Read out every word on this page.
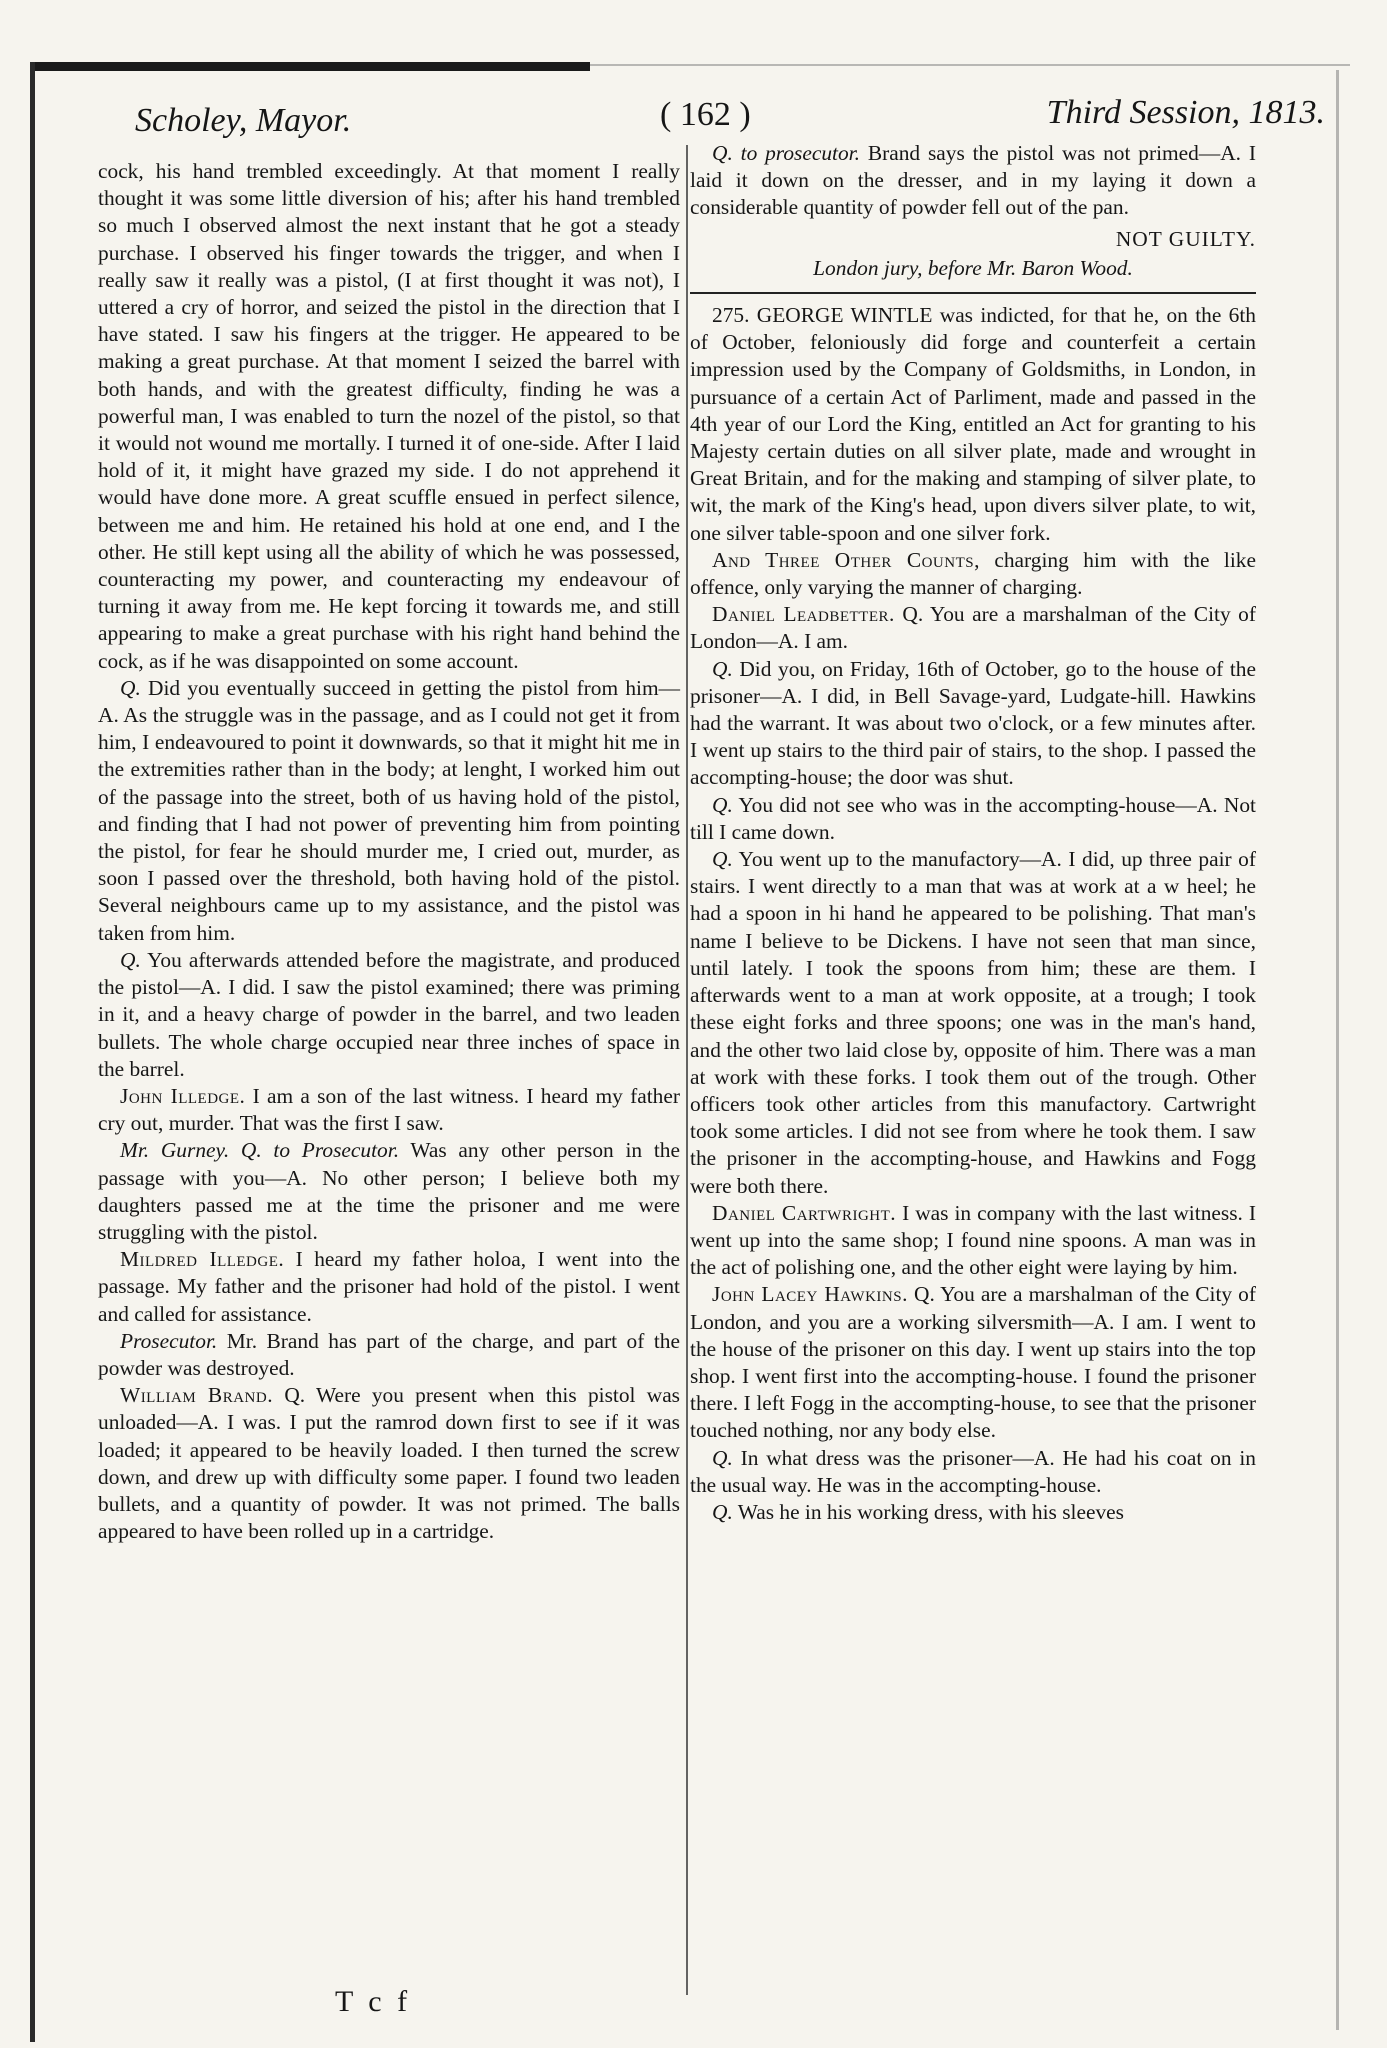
Scholey, Mayor.	( 162 )	Third Session, 1813.

cock, his hand trembled exceedingly. At that moment I really thought it was some little diversion of his; after his hand trembled so much I observed almost the next instant that he got a steady purchase. I observed his finger towards the trigger, and when I really saw it really was a pistol, (I at first thought it was not), I uttered a cry of horror, and seized the pistol in the direction that I have stated. I saw his fingers at the trigger. He appeared to be making a great purchase. At that moment I seized the barrel with both hands, and with the greatest difficulty, finding he was a powerful man, I was enabled to turn the nozel of the pistol, so that it would not wound me mortally. I turned it of one-side. After I laid hold of it, it might have grazed my side. I do not apprehend it would have done more. A great scuffle ensued in perfect silence, between me and him. He retained his hold at one end, and I the other. He still kept using all the ability of which he was possessed, counteracting my power, and counteracting my endeavour of turning it away from me. He kept forcing it towards me, and still appearing to make a great purchase with his right hand behind the cock, as if he was disappointed on some account.

Q. Did you eventually succeed in getting the pistol from him—A. As the struggle was in the passage, and as I could not get it from him, I endeavoured to point it downwards, so that it might hit me in the extremities rather than in the body; at lenght, I worked him out of the passage into the street, both of us having hold of the pistol, and finding that I had not power of preventing him from pointing the pistol, for fear he should murder me, I cried out, murder, as soon I passed over the threshold, both having hold of the pistol. Several neighbours came up to my assistance, and the pistol was taken from him.

Q. You afterwards attended before the magistrate, and produced the pistol—A. I did. I saw the pistol examined; there was priming in it, and a heavy charge of powder in the barrel, and two leaden bullets. The whole charge occupied near three inches of space in the barrel.

John Illedge. I am a son of the last witness. I heard my father cry out, murder. That was the first I saw.

Mr. Gurney. Q. to Prosecutor. Was any other person in the passage with you—A. No other person; I believe both my daughters passed me at the time the prisoner and me were struggling with the pistol.

Mildred Illedge. I heard my father holoa, I went into the passage. My father and the prisoner had hold of the pistol. I went and called for assistance.

Prosecutor. Mr. Brand has part of the charge, and part of the powder was destroyed.

William Brand. Q. Were you present when this pistol was unloaded—A. I was. I put the ramrod down first to see if it was loaded; it appeared to be heavily loaded. I then turned the screw down, and drew up with difficulty some paper. I found two leaden bullets, and a quantity of powder. It was not primed. The balls appeared to have been rolled up in a cartridge.

Q. to prosecutor. Brand says the pistol was not primed—A. I laid it down on the dresser, and in my laying it down a considerable quantity of powder fell out of the pan.

NOT GUILTY.
London jury, before Mr. Baron Wood.

275. GEORGE WINTLE was indicted, for that he, on the 6th of October, feloniously did forge and counterfeit a certain impression used by the Company of Goldsmiths, in London, in pursuance of a certain Act of Parliment, made and passed in the 4th year of our Lord the King, entitled an Act for granting to his Majesty certain duties on all silver plate, made and wrought in Great Britain, and for the making and stamping of silver plate, to wit, the mark of the King's head, upon divers silver plate, to wit, one silver table-spoon and one silver fork.

And Three Other Counts, charging him with the like offence, only varying the manner of charging.

Daniel Leadbetter. Q. You are a marshalman of the City of London—A. I am.

Q. Did you, on Friday, 16th of October, go to the house of the prisoner—A. I did, in Bell Savage-yard, Ludgate-hill. Hawkins had the warrant. It was about two o'clock, or a few minutes after. I went up stairs to the third pair of stairs, to the shop. I passed the accompting-house; the door was shut.

Q. You did not see who was in the accompting-house—A. Not till I came down.

Q. You went up to the manufactory—A. I did, up three pair of stairs. I went directly to a man that was at work at a w heel; he had a spoon in hi hand he appeared to be polishing. That man's name I believe to be Dickens. I have not seen that man since, until lately. I took the spoons from him; these are them. I afterwards went to a man at work opposite, at a trough; I took these eight forks and three spoons; one was in the man's hand, and the other two laid close by, opposite of him. There was a man at work with these forks. I took them out of the trough. Other officers took other articles from this manufactory. Cartwright took some articles. I did not see from where he took them. I saw the prisoner in the accompting-house, and Hawkins and Fogg were both there.

Daniel Cartwright. I was in company with the last witness. I went up into the same shop; I found nine spoons. A man was in the act of polishing one, and the other eight were laying by him.

John Lacey Hawkins. Q. You are a marshalman of the City of London, and you are a working silversmith—A. I am. I went to the house of the prisoner on this day. I went up stairs into the top shop. I went first into the accompting-house. I found the prisoner there. I left Fogg in the accompting-house, to see that the prisoner touched nothing, nor any body else.

Q. In what dress was the prisoner—A. He had his coat on in the usual way. He was in the accompting-house.

Q. Was he in his working dress, with his sleeves

T c f
